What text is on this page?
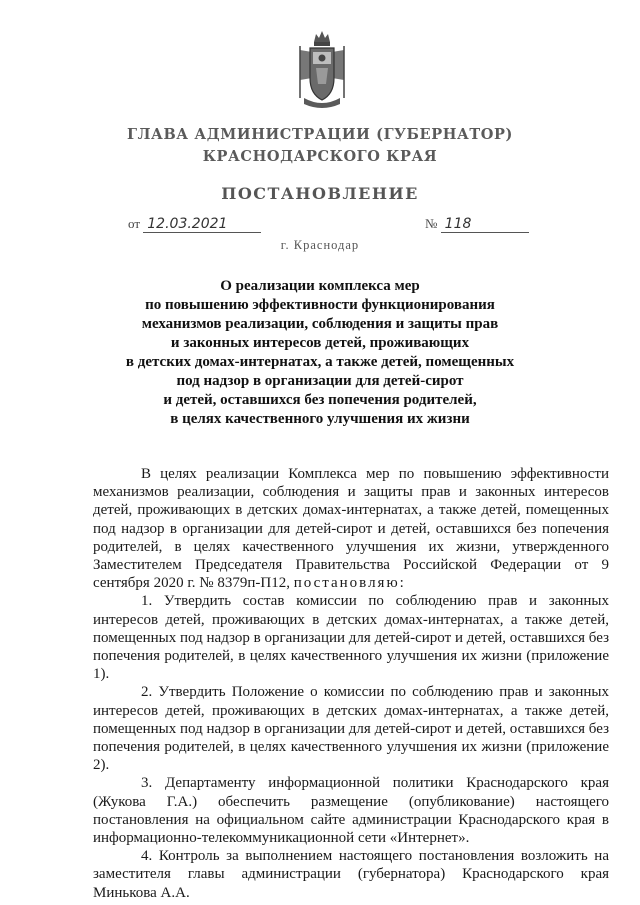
ГЛАВА АДМИНИСТРАЦИИ (ГУБЕРНАТОР)
КРАСНОДАРСКОГО КРАЯ
ПОСТАНОВЛЕНИЕ
от 12.03.2021	№ 118
г. Краснодар
О реализации комплекса мер
по повышению эффективности функционирования
механизмов реализации, соблюдения и защиты прав
и законных интересов детей, проживающих
в детских домах-интернатах, а также детей, помещенных
под надзор в организации для детей-сирот
и детей, оставшихся без попечения родителей,
в целях качественного улучшения их жизни

В целях реализации Комплекса мер по повышению эффективности механизмов реализации, соблюдения и защиты прав и законных интересов детей, проживающих в детских домах-интернатах, а также детей, помещенных под надзор в организации для детей-сирот и детей, оставшихся без попечения родителей, в целях качественного улучшения их жизни, утвержденного Заместителем Председателя Правительства Российской Федерации от 9 сентября 2020 г. № 8379п-П12, постановляю:

1. Утвердить состав комиссии по соблюдению прав и законных интересов детей, проживающих в детских домах-интернатах, а также детей, помещенных под надзор в организации для детей-сирот и детей, оставшихся без попечения родителей, в целях качественного улучшения их жизни (приложение 1).

2. Утвердить Положение о комиссии по соблюдению прав и законных интересов детей, проживающих в детских домах-интернатах, а также детей, помещенных под надзор в организации для детей-сирот и детей, оставшихся без попечения родителей, в целях качественного улучшения их жизни (приложение 2).

3. Департаменту информационной политики Краснодарского края (Жукова Г.А.) обеспечить размещение (опубликование) настоящего постановления на официальном сайте администрации Краснодарского края в информационно-телекоммуникационной сети «Интернет».

4. Контроль за выполнением настоящего постановления возложить на заместителя главы администрации (губернатора) Краснодарского края Минькова А.А.
